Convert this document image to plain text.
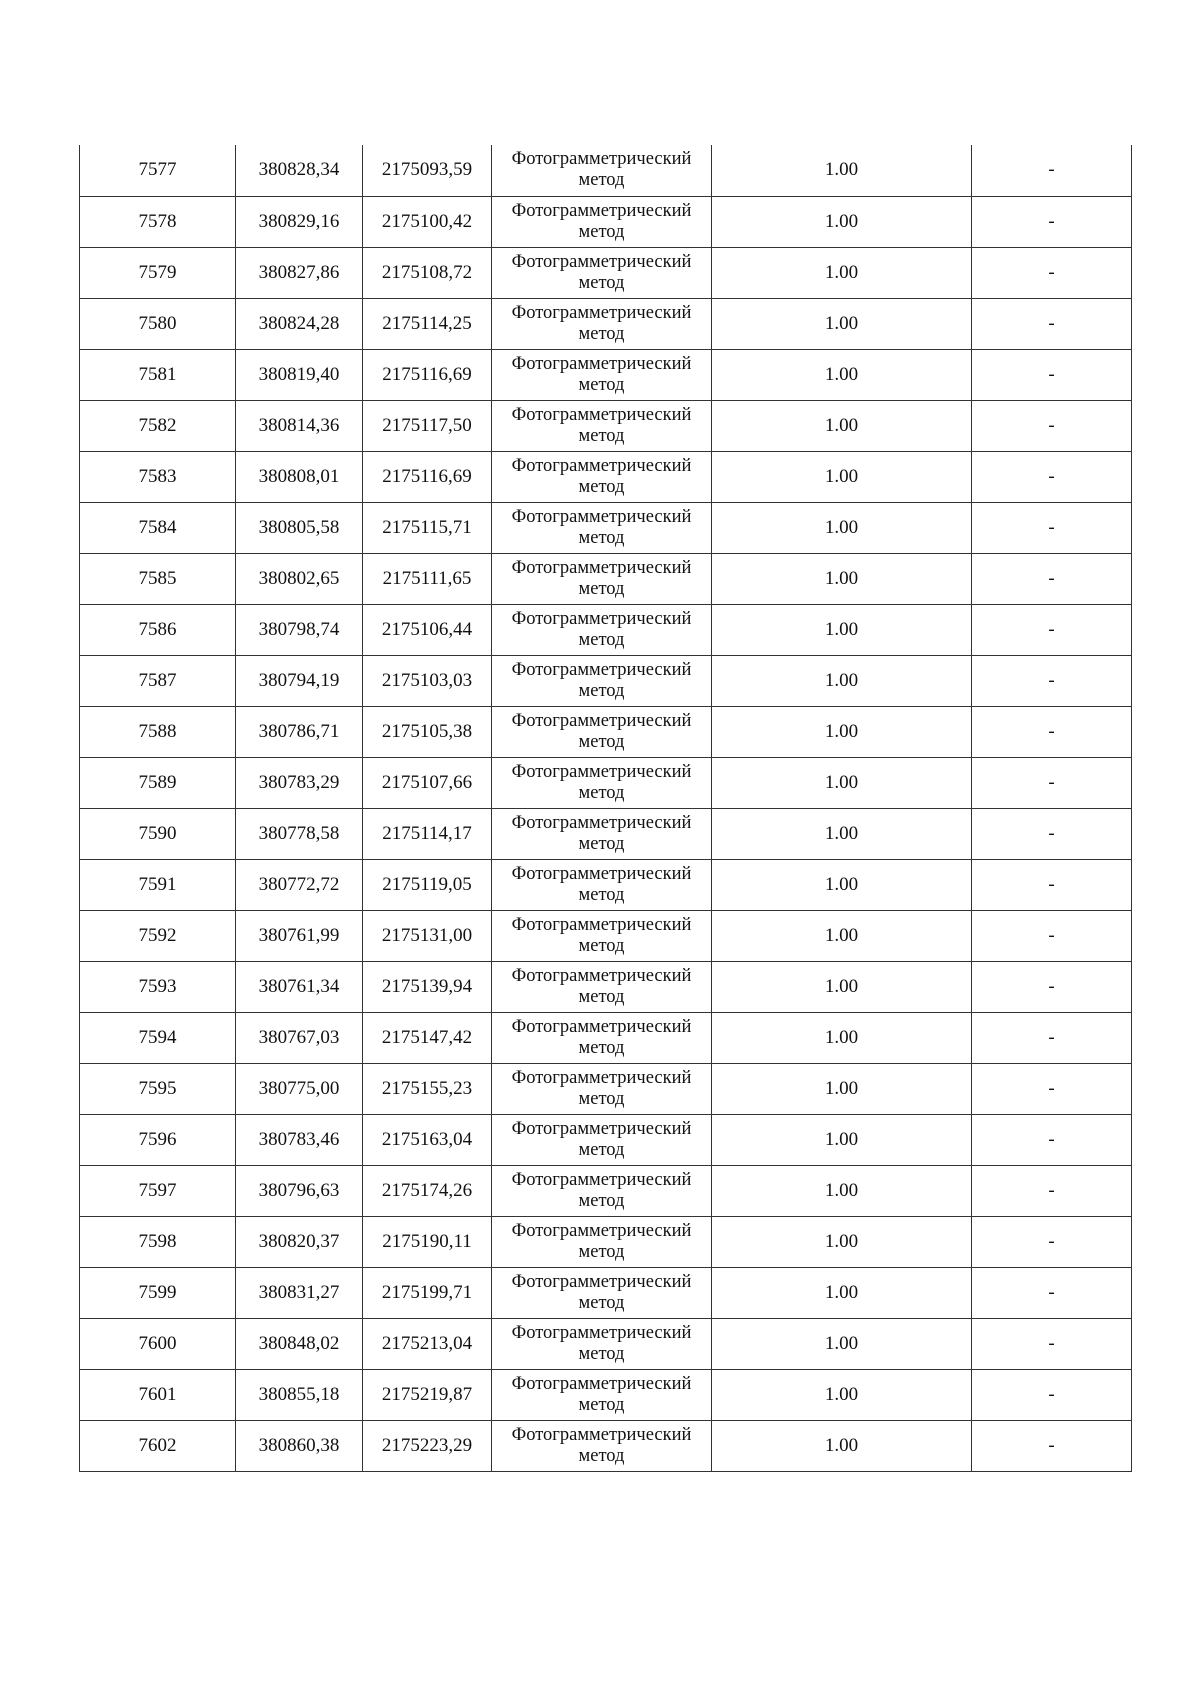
7577	380828,34	2175093,59	Фотограмметрический метод	1.00	-
7578	380829,16	2175100,42	Фотограмметрический метод	1.00	-
7579	380827,86	2175108,72	Фотограмметрический метод	1.00	-
7580	380824,28	2175114,25	Фотограмметрический метод	1.00	-
7581	380819,40	2175116,69	Фотограмметрический метод	1.00	-
7582	380814,36	2175117,50	Фотограмметрический метод	1.00	-
7583	380808,01	2175116,69	Фотограмметрический метод	1.00	-
7584	380805,58	2175115,71	Фотограмметрический метод	1.00	-
7585	380802,65	2175111,65	Фотограмметрический метод	1.00	-
7586	380798,74	2175106,44	Фотограмметрический метод	1.00	-
7587	380794,19	2175103,03	Фотограмметрический метод	1.00	-
7588	380786,71	2175105,38	Фотограмметрический метод	1.00	-
7589	380783,29	2175107,66	Фотограмметрический метод	1.00	-
7590	380778,58	2175114,17	Фотограмметрический метод	1.00	-
7591	380772,72	2175119,05	Фотограмметрический метод	1.00	-
7592	380761,99	2175131,00	Фотограмметрический метод	1.00	-
7593	380761,34	2175139,94	Фотограмметрический метод	1.00	-
7594	380767,03	2175147,42	Фотограмметрический метод	1.00	-
7595	380775,00	2175155,23	Фотограмметрический метод	1.00	-
7596	380783,46	2175163,04	Фотограмметрический метод	1.00	-
7597	380796,63	2175174,26	Фотограмметрический метод	1.00	-
7598	380820,37	2175190,11	Фотограмметрический метод	1.00	-
7599	380831,27	2175199,71	Фотограмметрический метод	1.00	-
7600	380848,02	2175213,04	Фотограмметрический метод	1.00	-
7601	380855,18	2175219,87	Фотограмметрический метод	1.00	-
7602	380860,38	2175223,29	Фотограмметрический метод	1.00	-
